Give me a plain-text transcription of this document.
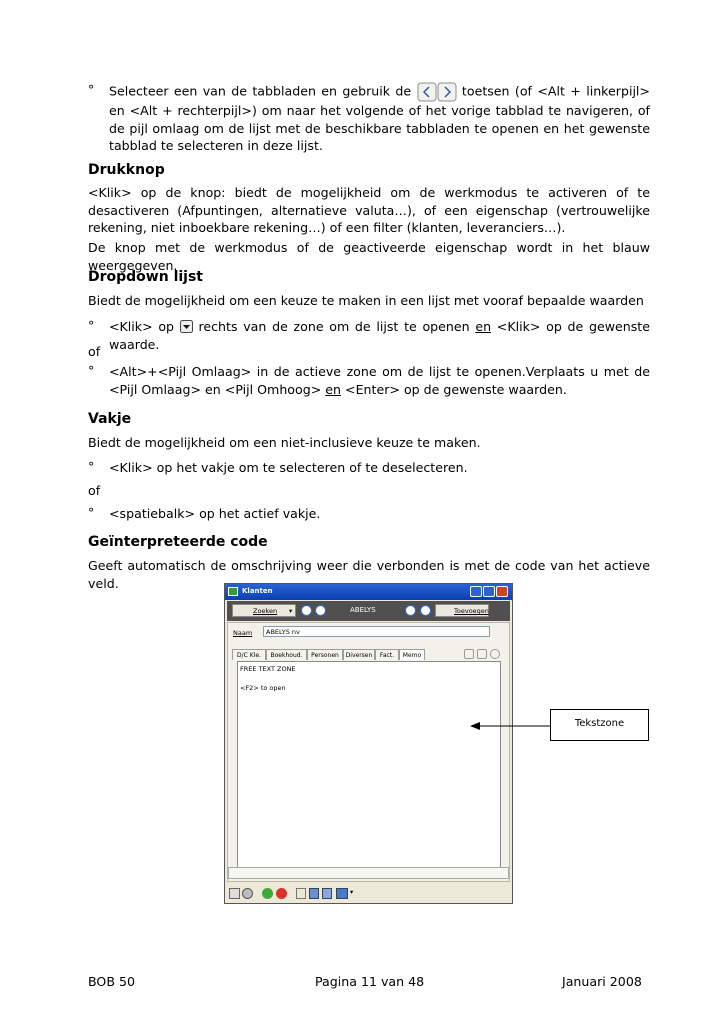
°	Selecteer een van de tabbladen en gebruik de	toetsen (of <Alt + linkerpijl> en <Alt + rechterpijl>) om naar het volgende of het vorige tabblad te navigeren, of de pijl omlaag om de lijst met de beschikbare tabbladen te openen en het gewenste tabblad te selecteren in deze lijst.
Drukknop
<Klik> op de knop: biedt de mogelijkheid om de werkmodus te activeren of te desactiveren (Afpuntingen, alternatieve valuta…), of een eigenschap (vertrouwelijke rekening, niet inboekbare rekening…) of een filter (klanten, leveranciers…).
De knop met de werkmodus of de geactiveerde eigenschap wordt in het blauw weergegeven.
Dropdown lijst
Biedt de mogelijkheid om een keuze te maken in een lijst met vooraf bepaalde waarden
°	<Klik> op rechts van de zone om de lijst te openen en <Klik> op de gewenste waarde.
of
°	<Alt>+<Pijl Omlaag> in de actieve zone om de lijst te openen.Verplaats u met de <Pijl Omlaag> en <Pijl Omhoog> en <Enter> op de gewenste waarden.
Vakje
Biedt de mogelijkheid om een niet-inclusieve keuze te maken.
°	<Klik> op het vakje om te selecteren of te deselecteren.
of
°	<spatiebalk> op het actief vakje.
Geïnterpreteerde code
Geeft automatisch de omschrijving weer die verbonden is met de code van het actieve veld.
Klanten
Zoeken ▾	ABELYS	Toevoegen
Naam ABELYS nv
D/C Kle.	Boekhoud.	Personen	Diversen	Fact.	Memo
FREE TEXT ZONE
<F2> to open
▾
Tekstzone
BOB 50	Pagina 11 van 48	Januari 2008
